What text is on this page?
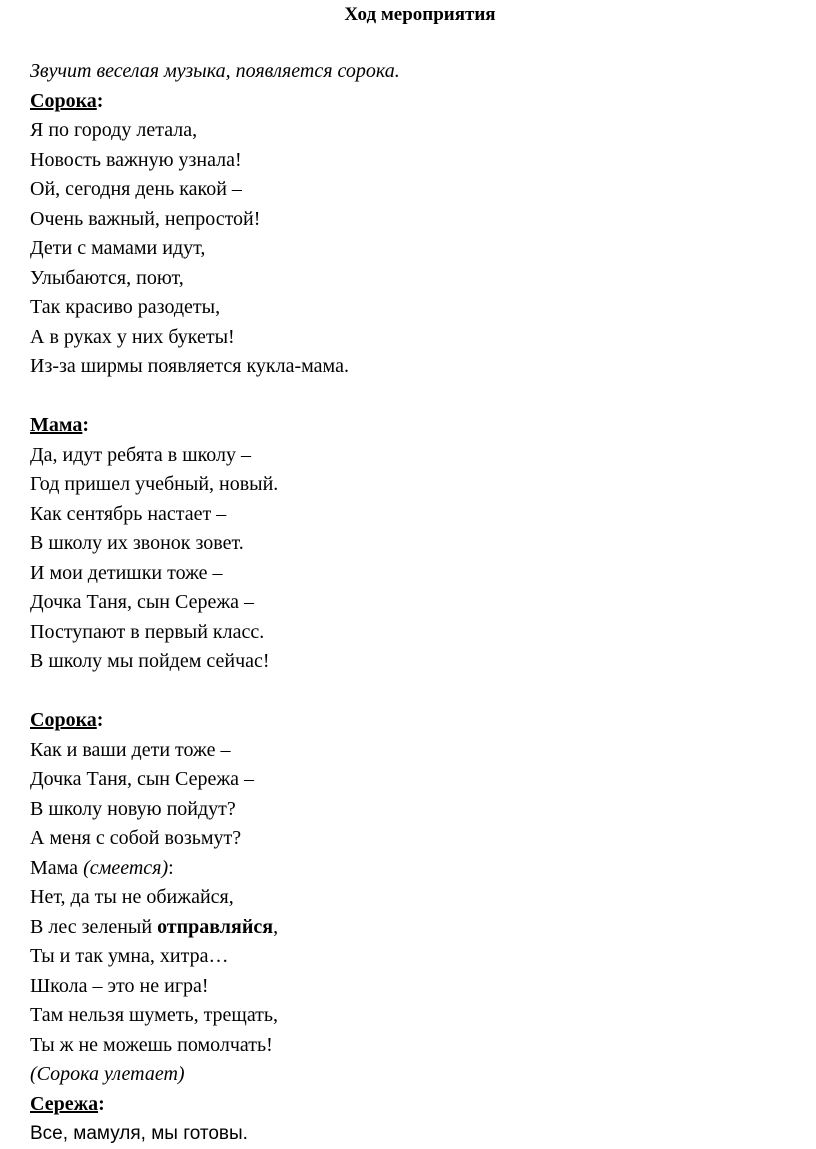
Ход мероприятия
Звучит веселая музыка, появляется сорока.
Сорока:
Я по городу летала,
Новость важную узнала!
Ой, сегодня день какой –
Очень важный, непростой!
Дети с мамами идут,
Улыбаются, поют,
Так красиво разодеты,
А в руках у них букеты!
Из-за ширмы появляется кукла-мама.
Мама:
Да, идут ребята в школу –
Год пришел учебный, новый.
Как сентябрь настает –
В школу их звонок зовет.
И мои детишки тоже –
Дочка Таня, сын Сережа –
Поступают в первый класс.
В школу мы пойдем сейчас!
Сорока:
Как и ваши дети тоже –
Дочка Таня, сын Сережа –
В школу новую пойдут?
А меня с собой возьмут?
Мама (смеется):
Нет, да ты не обижайся,
В лес зеленый отправляйся,
Ты и так умна, хитра…
Школа – это не игра!
Там нельзя шуметь, трещать,
Ты ж не можешь помолчать!
(Сорока улетает)
Сережа:
Все, мамуля, мы готовы.
